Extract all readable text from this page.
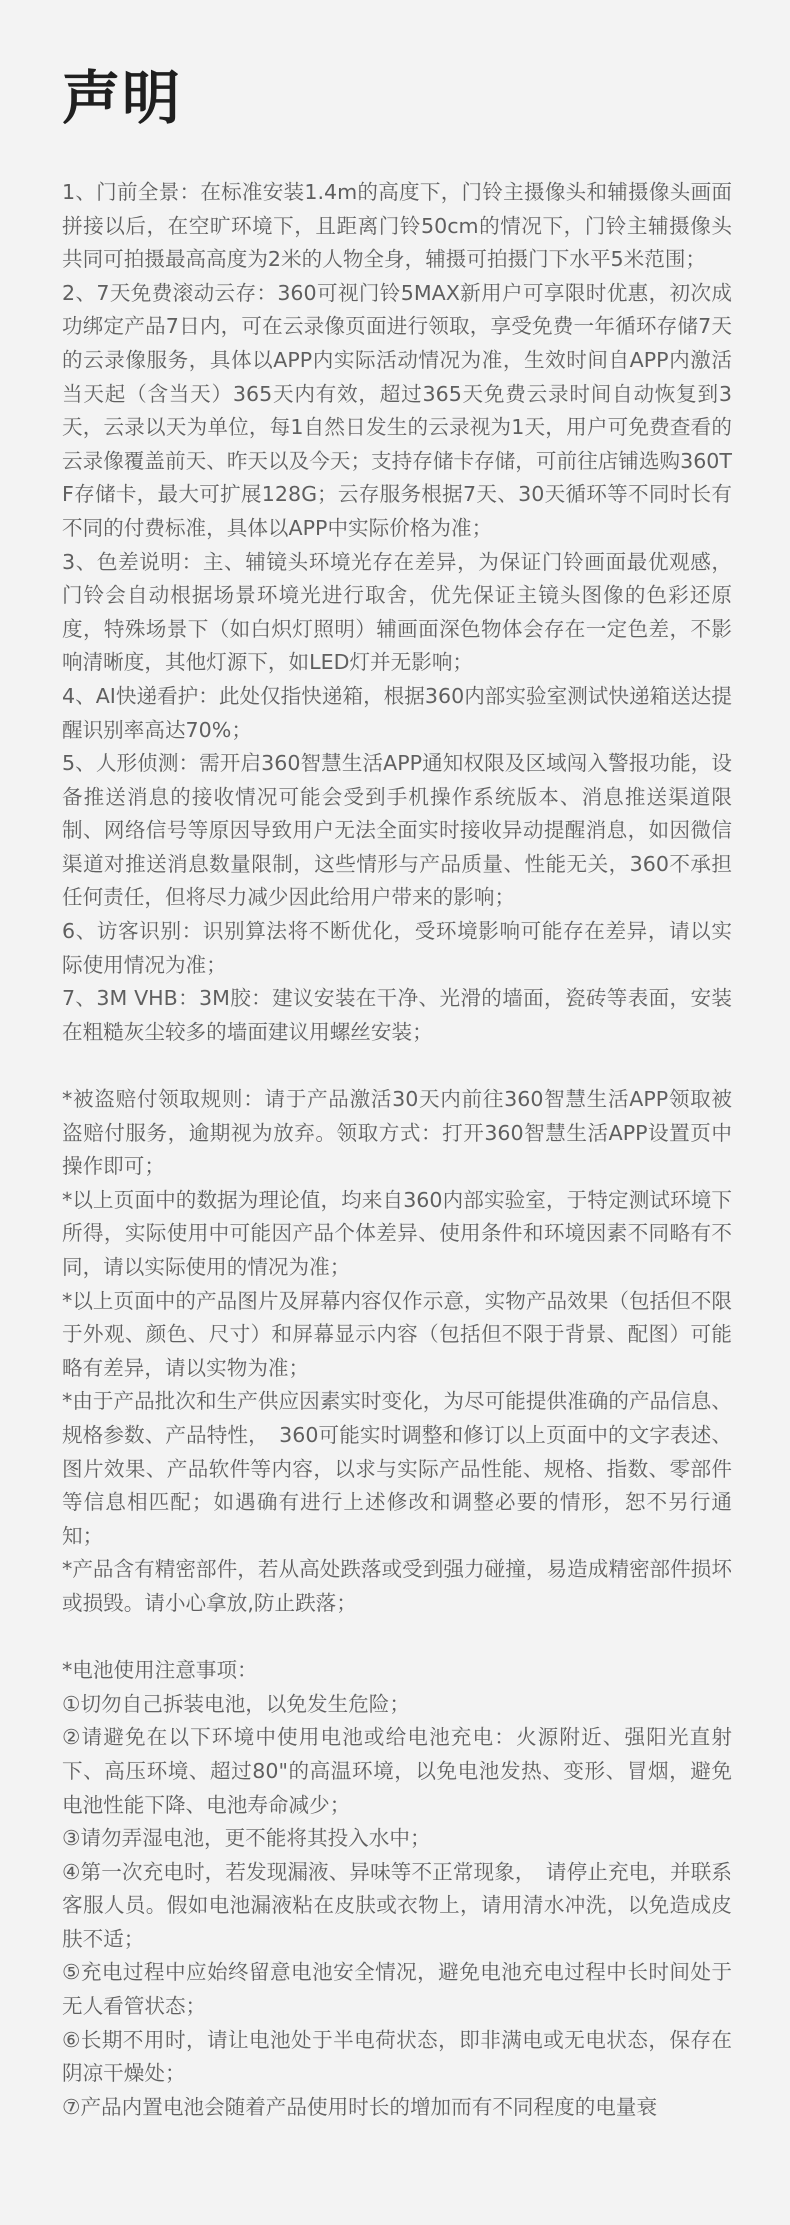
声明

1、门前全景：在标准安装1.4m的高度下，门铃主摄像头和辅摄像头画面拼接以后，在空旷环境下，且距离门铃50cm的情况下，门铃主辅摄像头共同可拍摄最高高度为2米的人物全身，辅摄可拍摄门下水平5米范围；

2、7天免费滚动云存：360可视门铃5MAX新用户可享限时优惠，初次成功绑定产品7日内，可在云录像页面进行领取，享受免费一年循环存储7天的云录像服务，具体以APP内实际活动情况为准，生效时间自APP内激活当天起（含当天）365天内有效，超过365天免费云录时间自动恢复到3天，云录以天为单位，每1自然日发生的云录视为1天，用户可免费查看的云录像覆盖前天、昨天以及今天；支持存储卡存储，可前往店铺选购360TF存储卡，最大可扩展128G；云存服务根据7天、30天循环等不同时长有不同的付费标准，具体以APP中实际价格为准；

3、色差说明：主、辅镜头环境光存在差异，为保证门铃画面最优观感，门铃会自动根据场景环境光进行取舍，优先保证主镜头图像的色彩还原度，特殊场景下（如白炽灯照明）辅画面深色物体会存在一定色差，不影响清晰度，其他灯源下，如LED灯并无影响；

4、AI快递看护：此处仅指快递箱，根据360内部实验室测试快递箱送达提醒识别率高达70%；

5、人形侦测：需开启360智慧生活APP通知权限及区域闯入警报功能，设备推送消息的接收情况可能会受到手机操作系统版本、消息推送渠道限制、网络信号等原因导致用户无法全面实时接收异动提醒消息，如因微信渠道对推送消息数量限制，这些情形与产品质量、性能无关，360不承担任何责任，但将尽力减少因此给用户带来的影响；

6、访客识别：识别算法将不断优化，受环境影响可能存在差异，请以实际使用情况为准；

7、3M VHB：3M胶：建议安装在干净、光滑的墙面，瓷砖等表面，安装在粗糙灰尘较多的墙面建议用螺丝安装；

*被盗赔付领取规则：请于产品激活30天内前往360智慧生活APP领取被盗赔付服务，逾期视为放弃。领取方式：打开360智慧生活APP设置页中操作即可；

*以上页面中的数据为理论值，均来自360内部实验室，于特定测试环境下所得，实际使用中可能因产品个体差异、使用条件和环境因素不同略有不同，请以实际使用的情况为准；

*以上页面中的产品图片及屏幕内容仅作示意，实物产品效果（包括但不限于外观、颜色、尺寸）和屏幕显示内容（包括但不限于背景、配图）可能略有差异，请以实物为准；

*由于产品批次和生产供应因素实时变化，为尽可能提供准确的产品信息、规格参数、产品特性，　360可能实时调整和修订以上页面中的文字表述、图片效果、产品软件等内容，以求与实际产品性能、规格、指数、零部件等信息相匹配；如遇确有进行上述修改和调整必要的情形，恕不另行通知；

*产品含有精密部件，若从高处跌落或受到强力碰撞，易造成精密部件损坏或损毁。请小心拿放,防止跌落；

*电池使用注意事项：

①切勿自己拆装电池，以免发生危险；

②请避免在以下环境中使用电池或给电池充电：火源附近、强阳光直射下、高压环境、超过80"的高温环境，以免电池发热、变形、冒烟，避免电池性能下降、电池寿命减少；

③请勿弄湿电池，更不能将其投入水中；

④第一次充电时，若发现漏液、异味等不正常现象，　请停止充电，并联系客服人员。假如电池漏液粘在皮肤或衣物上，请用清水冲洗，以免造成皮肤不适；

⑤充电过程中应始终留意电池安全情况，避免电池充电过程中长时间处于无人看管状态；

⑥长期不用时，请让电池处于半电荷状态，即非满电或无电状态，保存在阴凉干燥处；

⑦产品内置电池会随着产品使用时长的增加而有不同程度的电量衰
